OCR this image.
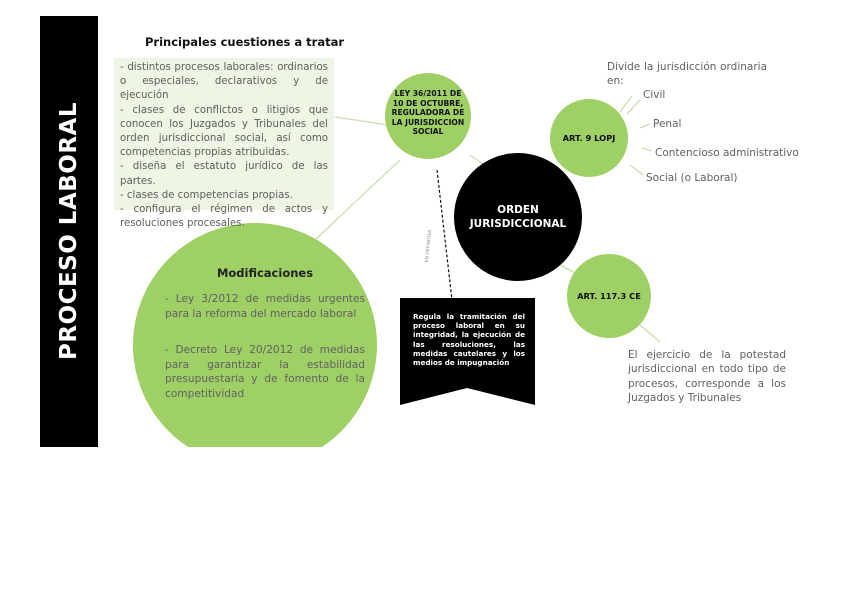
PROCESO LABORAL
Principales cuestiones a tratar
- distintos procesos laborales: ordinarios o especiales, declarativos y de ejecución
- clases de conflictos o litigios que conocen los Juzgados y Tribunales del orden jurisdiccional social, así como competencias propias atribuidas.
- diseña el estatuto jurídico de las partes.
- clases de competencias propias.
- configura el régimen de actos y resoluciones procesales.
LEY 36/2011 DE 10 DE OCTUBRE, REGULADORA DE LA JURISDICCION SOCIAL
Modificaciones
- Ley 3/2012 de medidas urgentes para la reforma del mercado laboral
- Decreto Ley 20/2012 de medidas para garantizar la estabilidad presupuestaria y de fomento de la competitividad
ORDEN JURISDICCIONAL
EN DEFINITIVA
Regula la tramitación del proceso laboral en su integridad, la ejecución de las resoluciones, las medidas cautelares y los medios de impugnación
ART. 9 LOPJ
Divide la jurisdicción ordinaria en:
Civil
Penal
Contencioso administrativo
Social (o Laboral)
ART. 117.3 CE
El ejercicio de la potestad jurisdiccional en todo tipo de procesos, corresponde a los Juzgados y Tribunales
